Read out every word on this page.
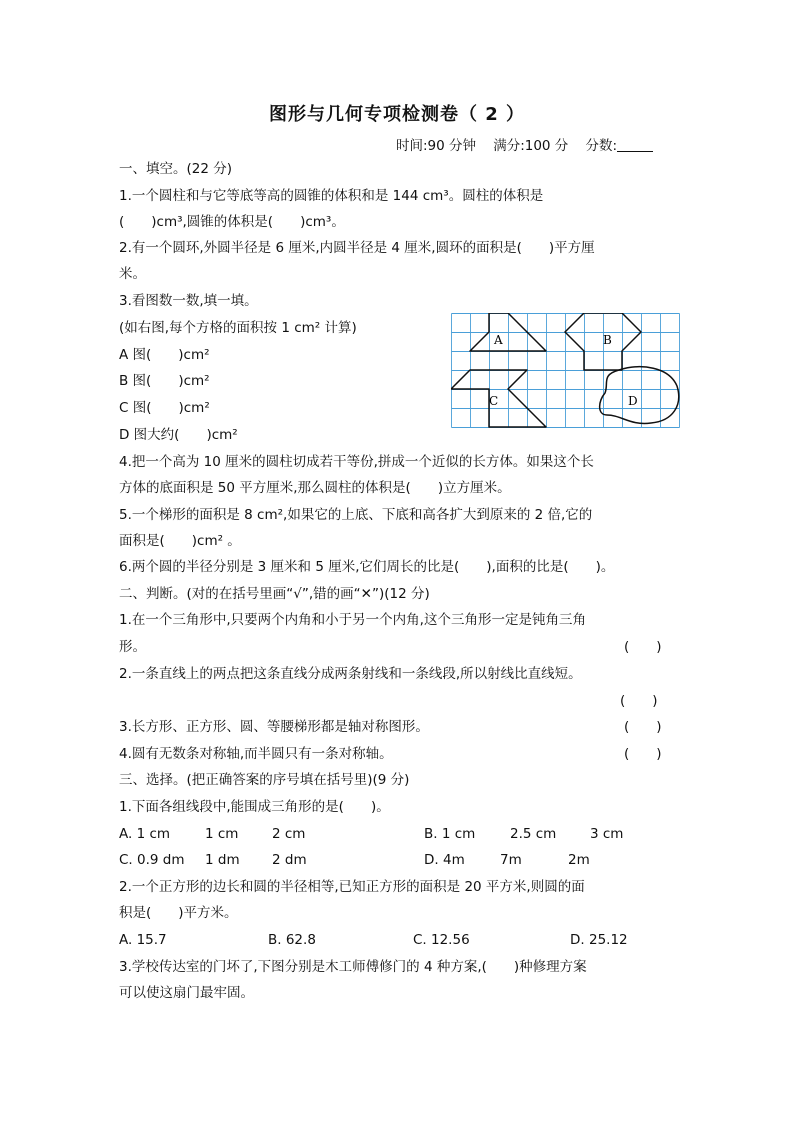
图形与几何专项检测卷（ 2 ）
时间:90 分钟 满分:100 分 分数:
一、填空。(22 分)
1.一个圆柱和与它等底等高的圆锥的体积和是 144 cm³。圆柱的体积是
(　　)cm³,圆锥的体积是(　　)cm³。
2.有一个圆环,外圆半径是 6 厘米,内圆半径是 4 厘米,圆环的面积是(　　)平方厘
米。
3.看图数一数,填一填。
(如右图,每个方格的面积按 1 cm² 计算)
A 图(　　)cm²
B 图(　　)cm²
C 图(　　)cm²
D 图大约(　　)cm²
4.把一个高为 10 厘米的圆柱切成若干等份,拼成一个近似的长方体。如果这个长
方体的底面积是 50 平方厘米,那么圆柱的体积是(　　)立方厘米。
5.一个梯形的面积是 8 cm²,如果它的上底、下底和高各扩大到原来的 2 倍,它的
面积是(　　)cm² 。
6.两个圆的半径分别是 3 厘米和 5 厘米,它们周长的比是(　　),面积的比是(　　)。
A	B
C	D
二、判断。(对的在括号里画“√”,错的画“✕”)(12 分)
1.在一个三角形中,只要两个内角和小于另一个内角,这个三角形一定是钝角三角
形。	(　　)
2.一条直线上的两点把这条直线分成两条射线和一条线段,所以射线比直线短。
(　　)
3.长方形、正方形、圆、等腰梯形都是轴对称图形。	(　　)
4.圆有无数条对称轴,而半圆只有一条对称轴。	(　　)
三、选择。(把正确答案的序号填在括号里)(9 分)
1.下面各组线段中,能围成三角形的是(　　)。
A. 1 cm	1 cm 2 cm	B. 1 cm	2.5 cm 3 cm
C. 0.9 dm 1 dm 2 dm	D. 4m	7m	2m
2.一个正方形的边长和圆的半径相等,已知正方形的面积是 20 平方米,则圆的面
积是(　　)平方米。
A. 15.7	B. 62.8	C. 12.56	D. 25.12
3.学校传达室的门坏了,下图分别是木工师傅修门的 4 种方案,(　　)种修理方案
可以使这扇门最牢固。
